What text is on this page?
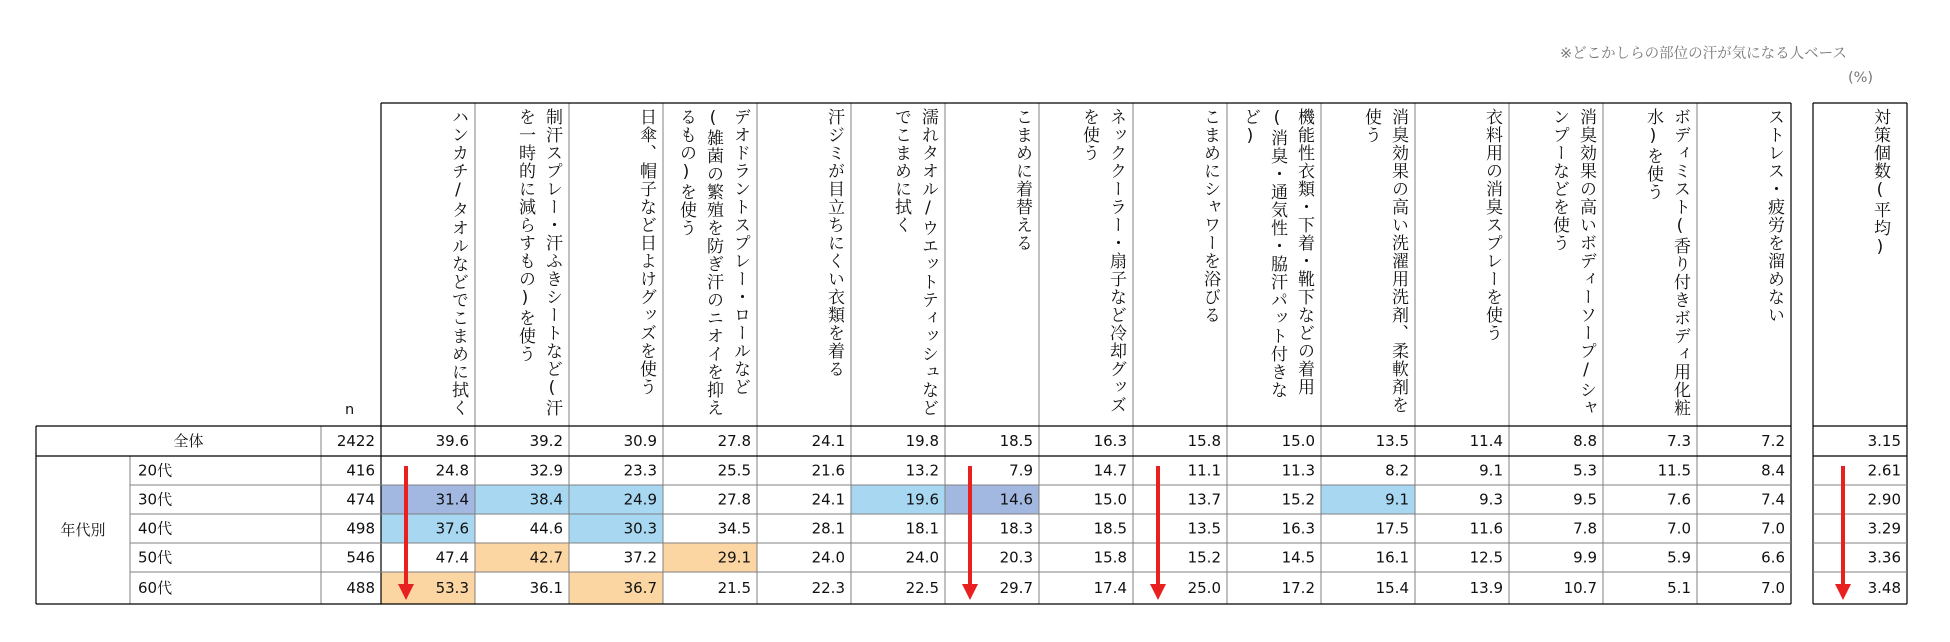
※どこかしらの部位の汗が気になる人ベース
(%)
n	ハンカチ/タオルなどでこまめに拭く	制汗スプレー・汗ふきシートなど(汗を一時的に減らすもの)を使う	日傘、帽子など日よけグッズを使う	デオドラントスプレー・ロールなど(雑菌の繁殖を防ぎ汗のニオイを抑えるもの)を使う	汗ジミが目立ちにくい衣類を着る	濡れタオル/ウエットティッシュなどでこまめに拭く	こまめに着替える	ネッククーラー・扇子など冷却グッズを使う	こまめにシャワーを浴びる	機能性衣類・下着・靴下などの着用(消臭・通気性・脇汗パット付きなど)	消臭効果の高い洗濯用洗剤、柔軟剤を使う	衣料用の消臭スプレーを使う	消臭効果の高いボディーソープ/シャンプーなどを使う	ボディミスト(香り付きボディ用化粧水)を使う	ストレス・疲労を溜めない	対策個数(平均)
年代別
全体	2422	39.6	39.2	30.9	27.8	24.1	19.8	18.5	16.3	15.8	15.0	13.5	11.4	8.8	7.3	7.2	3.15
20代	416	24.8	32.9	23.3	25.5	21.6	13.2	7.9	14.7	11.1	11.3	8.2	9.1	5.3	11.5	8.4	2.61
30代	474	31.4	38.4	24.9	27.8	24.1	19.6	14.6	15.0	13.7	15.2	9.1	9.3	9.5	7.6	7.4	2.90
40代	498	37.6	44.6	30.3	34.5	28.1	18.1	18.3	18.5	13.5	16.3	17.5	11.6	7.8	7.0	7.0	3.29
50代	546	47.4	42.7	37.2	29.1	24.0	24.0	20.3	15.8	15.2	14.5	16.1	12.5	9.9	5.9	6.6	3.36
60代	488	53.3	36.1	36.7	21.5	22.3	22.5	29.7	17.4	25.0	17.2	15.4	13.9	10.7	5.1	7.0	3.48
